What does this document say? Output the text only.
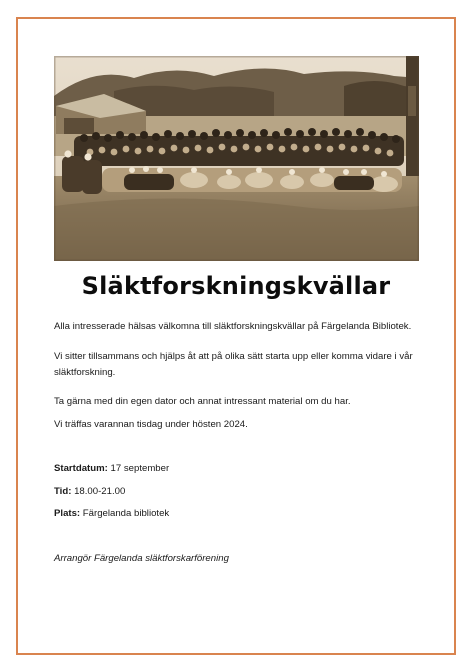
Släktforskningskvällar

Alla intresserade hälsas välkomna till släktforskningskvällar på Färgelanda Bibliotek.

Vi sitter tillsammans och hjälps åt att på olika sätt starta upp eller komma vidare i vår släktforskning.

Ta gärna med din egen dator och annat intressant material om du har.

Vi träffas varannan tisdag under hösten 2024.

Startdatum: 17 september

Tid: 18.00-21.00

Plats: Färgelanda bibliotek

Arrangör Färgelanda släktforskarförening
